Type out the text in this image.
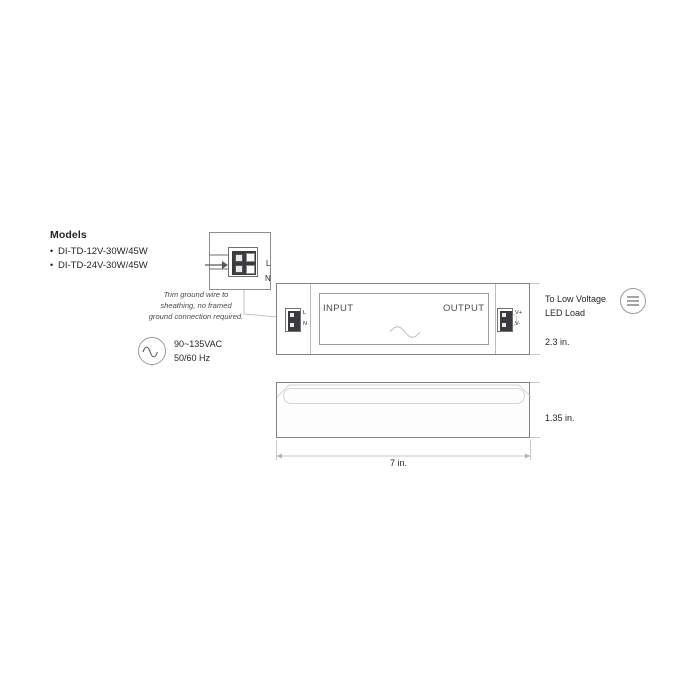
Models
• DI-TD-12V-30W/45W
• DI-TD-24V-30W/45W
Trim ground wire to
sheathing, no framed
ground connection required.
90~135VAC
50/60 Hz
L
N
INPUT	OUTPUT
L
N
V+
V-
To Low Voltage
LED Load
2.3 in.
1.35 in.
7 in.
